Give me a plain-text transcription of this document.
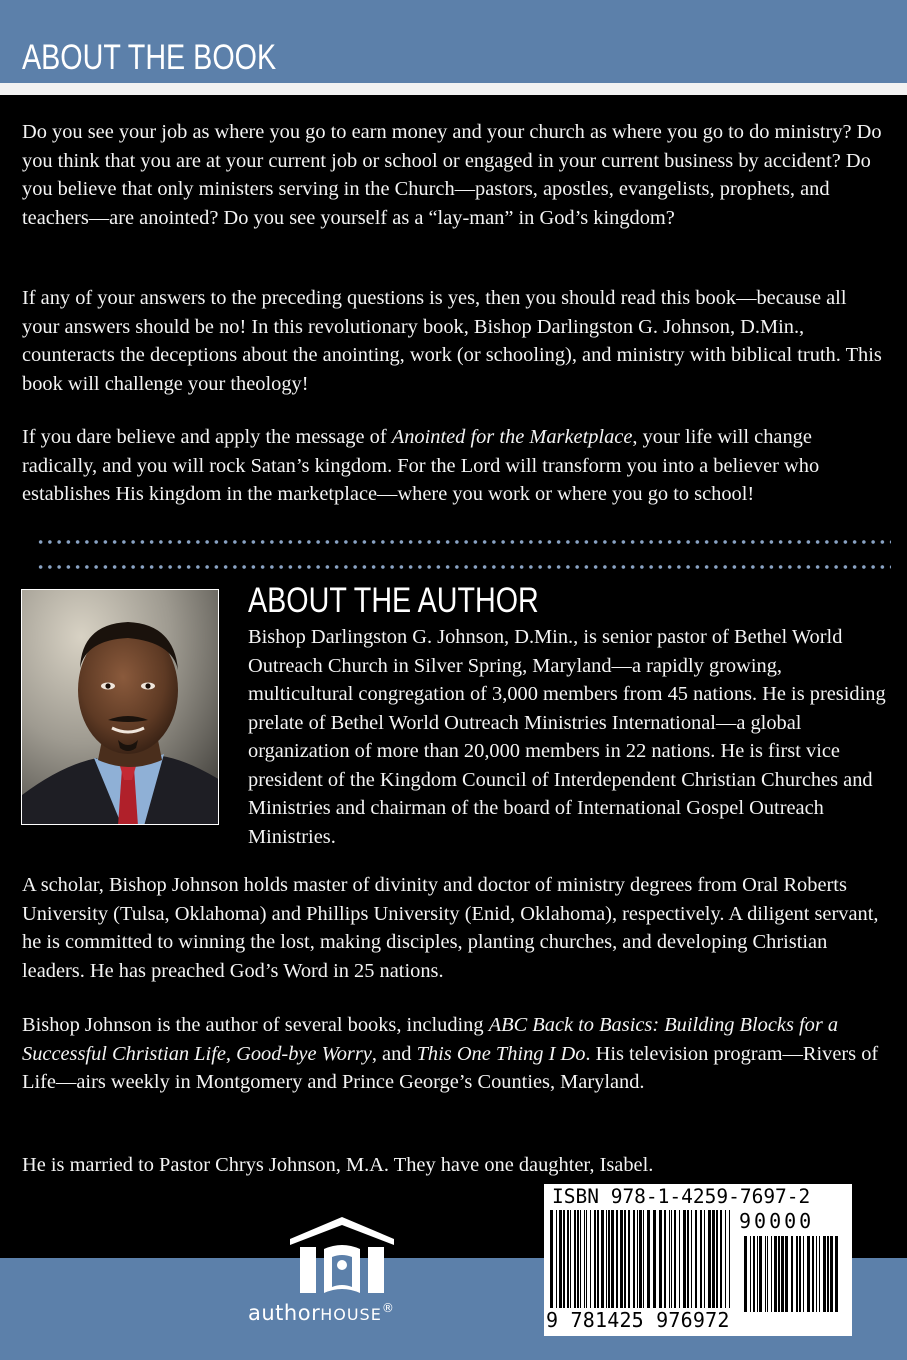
ABOUT THE BOOK

Do you see your job as where you go to earn money and your church as where you go to do ministry? Do you think that you are at your current job or school or engaged in your current business by accident? Do you believe that only ministers serving in the Church—pastors, apostles, evangelists, prophets, and teachers—are anointed? Do you see yourself as a “lay-man” in God’s kingdom?

If any of your answers to the preceding questions is yes, then you should read this book—because all your answers should be no! In this revolutionary book, Bishop Darlingston G. Johnson, D.Min., counteracts the deceptions about the anointing, work (or schooling), and ministry with biblical truth. This book will challenge your theology!

If you dare believe and apply the message of Anointed for the Marketplace, your life will change radically, and you will rock Satan’s kingdom. For the Lord will transform you into a believer who establishes His kingdom in the marketplace—where you work or where you go to school!

ABOUT THE AUTHOR

Bishop Darlingston G. Johnson, D.Min., is senior pastor of Bethel World Outreach Church in Silver Spring, Maryland—a rapidly growing, multicultural congregation of 3,000 members from 45 nations. He is presiding prelate of Bethel World Outreach Ministries International—a global organization of more than 20,000 members in 22 nations. He is first vice president of the Kingdom Council of Interdependent Christian Churches and Ministries and chairman of the board of International Gospel Outreach Ministries.

A scholar, Bishop Johnson holds master of divinity and doctor of ministry degrees from Oral Roberts University (Tulsa, Oklahoma) and Phillips University (Enid, Oklahoma), respectively. A diligent servant, he is committed to winning the lost, making disciples, planting churches, and developing Christian leaders. He has preached God’s Word in 25 nations.

Bishop Johnson is the author of several books, including ABC Back to Basics: Building Blocks for a Successful Christian Life, Good-bye Worry, and This One Thing I Do. His television program—Rivers of Life—airs weekly in Montgomery and Prince George’s Counties, Maryland.

He is married to Pastor Chrys Johnson, M.A. They have one daughter, Isabel.

authorHOUSE®

ISBN 978-1-4259-7697-2

90000
9 781425 976972
